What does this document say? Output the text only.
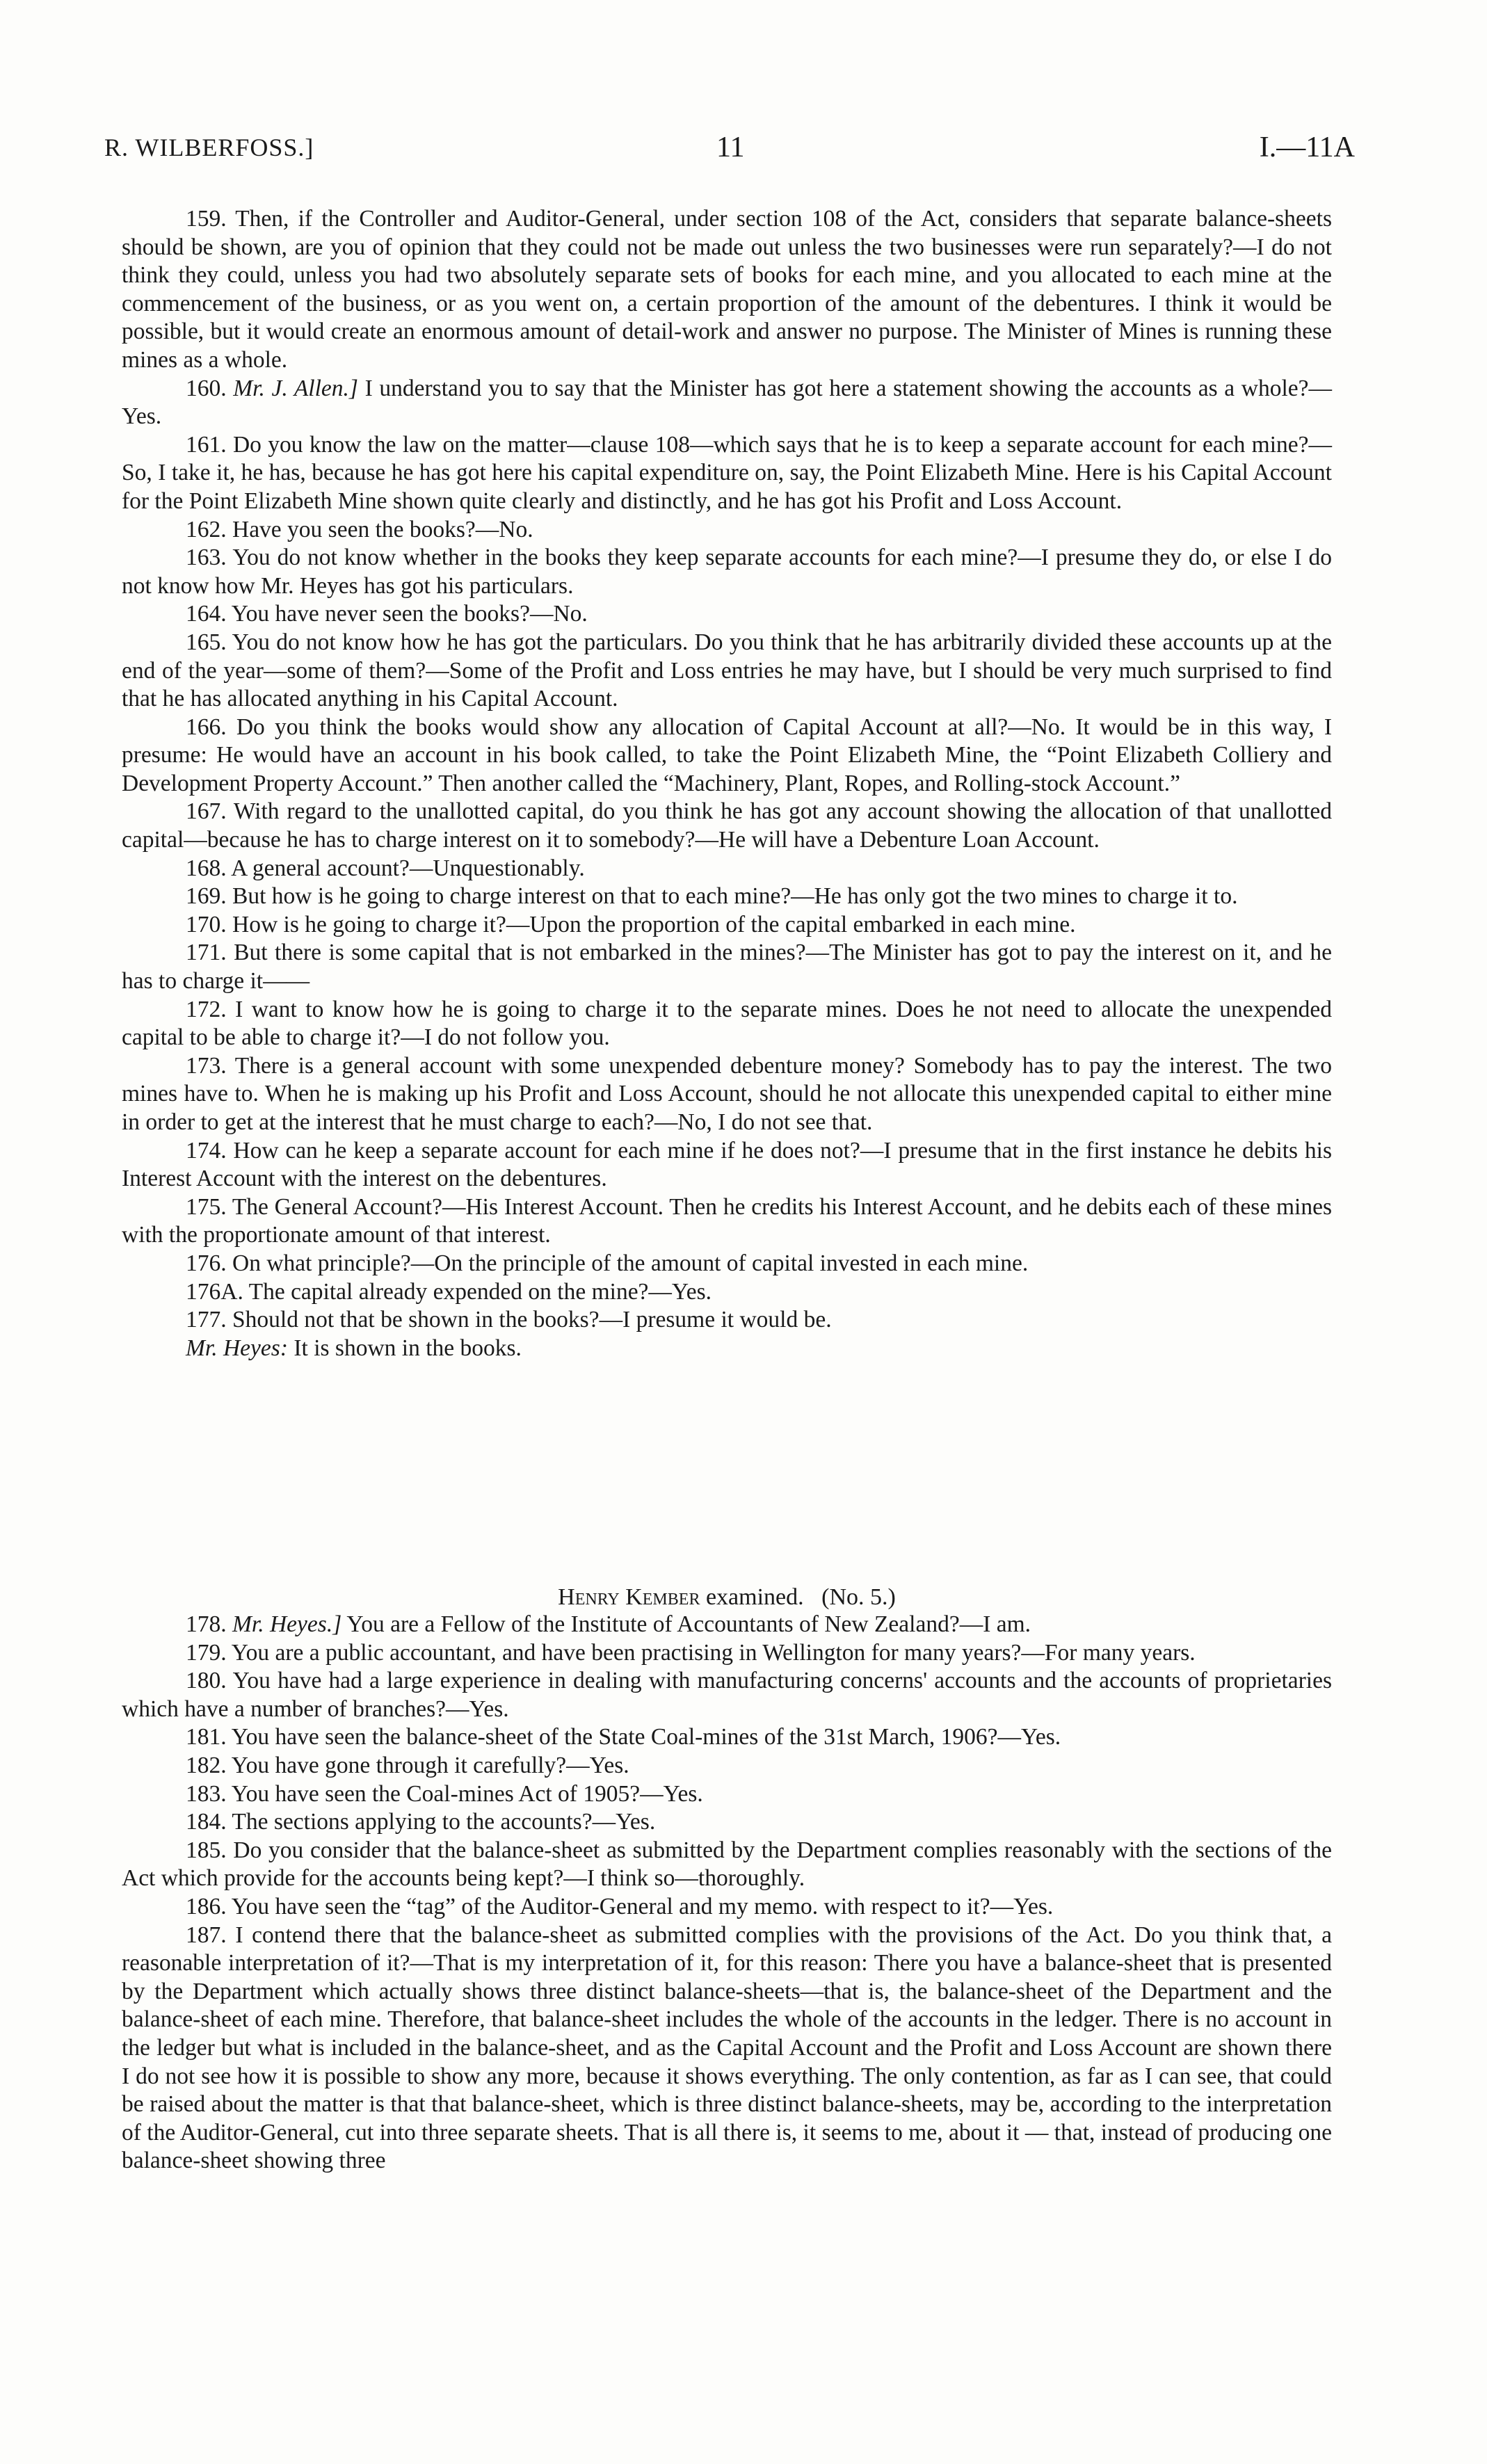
R. WILBERFOSS.]	11	I.—11A

159. Then, if the Controller and Auditor-General, under section 108 of the Act, considers that separate balance-sheets should be shown, are you of opinion that they could not be made out unless the two businesses were run separately?—I do not think they could, unless you had two absolutely separate sets of books for each mine, and you allocated to each mine at the commencement of the business, or as you went on, a certain proportion of the amount of the debentures. I think it would be possible, but it would create an enormous amount of detail-work and answer no purpose. The Minister of Mines is running these mines as a whole.

160. Mr. J. Allen.] I understand you to say that the Minister has got here a statement showing the accounts as a whole?—Yes.

161. Do you know the law on the matter—clause 108—which says that he is to keep a separate account for each mine?—So, I take it, he has, because he has got here his capital expenditure on, say, the Point Elizabeth Mine. Here is his Capital Account for the Point Elizabeth Mine shown quite clearly and distinctly, and he has got his Profit and Loss Account.

162. Have you seen the books?—No.

163. You do not know whether in the books they keep separate accounts for each mine?—I presume they do, or else I do not know how Mr. Heyes has got his particulars.

164. You have never seen the books?—No.

165. You do not know how he has got the particulars. Do you think that he has arbitrarily divided these accounts up at the end of the year—some of them?—Some of the Profit and Loss entries he may have, but I should be very much surprised to find that he has allocated anything in his Capital Account.

166. Do you think the books would show any allocation of Capital Account at all?—No. It would be in this way, I presume: He would have an account in his book called, to take the Point Elizabeth Mine, the “Point Elizabeth Colliery and Development Property Account.” Then another called the “Machinery, Plant, Ropes, and Rolling-stock Account.”

167. With regard to the unallotted capital, do you think he has got any account showing the allocation of that unallotted capital—because he has to charge interest on it to somebody?—He will have a Debenture Loan Account.

168. A general account?—Unquestionably.

169. But how is he going to charge interest on that to each mine?—He has only got the two mines to charge it to.

170. How is he going to charge it?—Upon the proportion of the capital embarked in each mine.

171. But there is some capital that is not embarked in the mines?—The Minister has got to pay the interest on it, and he has to charge it——

172. I want to know how he is going to charge it to the separate mines. Does he not need to allocate the unexpended capital to be able to charge it?—I do not follow you.

173. There is a general account with some unexpended debenture money? Somebody has to pay the interest. The two mines have to. When he is making up his Profit and Loss Account, should he not allocate this unexpended capital to either mine in order to get at the interest that he must charge to each?—No, I do not see that.

174. How can he keep a separate account for each mine if he does not?—I presume that in the first instance he debits his Interest Account with the interest on the debentures.

175. The General Account?—His Interest Account. Then he credits his Interest Account, and he debits each of these mines with the proportionate amount of that interest.

176. On what principle?—On the principle of the amount of capital invested in each mine.

176A. The capital already expended on the mine?—Yes.

177. Should not that be shown in the books?—I presume it would be.

Mr. Heyes: It is shown in the books.

Henry Kember examined. (No. 5.)

178. Mr. Heyes.] You are a Fellow of the Institute of Accountants of New Zealand?—I am.

179. You are a public accountant, and have been practising in Wellington for many years?—For many years.

180. You have had a large experience in dealing with manufacturing concerns' accounts and the accounts of proprietaries which have a number of branches?—Yes.

181. You have seen the balance-sheet of the State Coal-mines of the 31st March, 1906?—Yes.

182. You have gone through it carefully?—Yes.

183. You have seen the Coal-mines Act of 1905?—Yes.

184. The sections applying to the accounts?—Yes.

185. Do you consider that the balance-sheet as submitted by the Department complies reasonably with the sections of the Act which provide for the accounts being kept?—I think so—thoroughly.

186. You have seen the “tag” of the Auditor-General and my memo. with respect to it?—Yes.

187. I contend there that the balance-sheet as submitted complies with the provisions of the Act. Do you think that, a reasonable interpretation of it?—That is my interpretation of it, for this reason: There you have a balance-sheet that is presented by the Department which actually shows three distinct balance-sheets—that is, the balance-sheet of the Department and the balance-sheet of each mine. Therefore, that balance-sheet includes the whole of the accounts in the ledger. There is no account in the ledger but what is included in the balance-sheet, and as the Capital Account and the Profit and Loss Account are shown there I do not see how it is possible to show any more, because it shows everything. The only contention, as far as I can see, that could be raised about the matter is that that balance-sheet, which is three distinct balance-sheets, may be, according to the interpretation of the Auditor-General, cut into three separate sheets. That is all there is, it seems to me, about it — that, instead of producing one balance-sheet showing three
